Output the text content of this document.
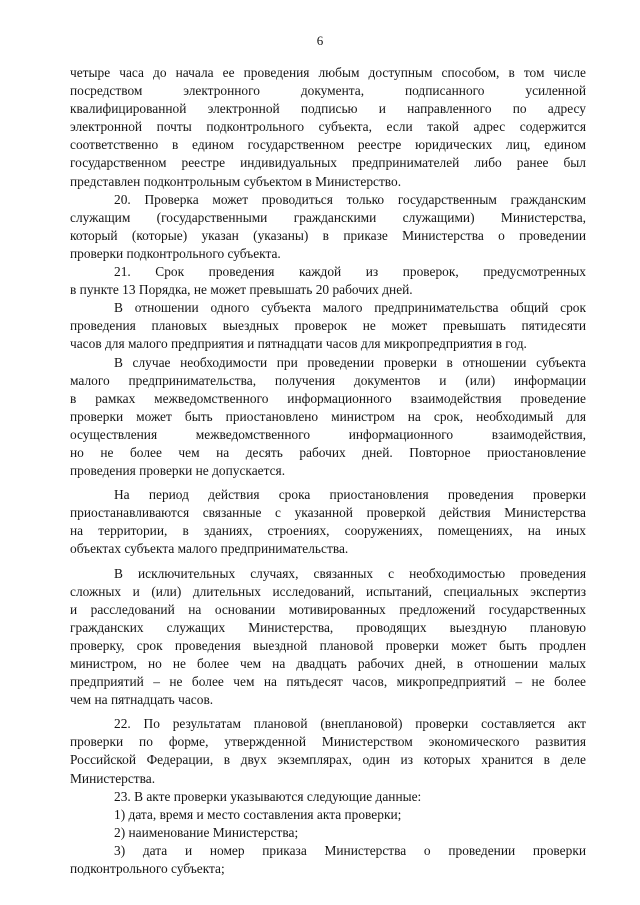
6
четыре часа до начала ее проведения любым доступным способом, в том числе
посредством электронного документа, подписанного усиленной
квалифицированной электронной подписью и направленного по адресу
электронной почты подконтрольного субъекта, если такой адрес содержится
соответственно в едином государственном реестре юридических лиц, едином
государственном реестре индивидуальных предпринимателей либо ранее был
представлен подконтрольным субъектом в Министерство.
20. Проверка может проводиться только государственным гражданским
служащим (государственными гражданскими служащими) Министерства,
который (которые) указан (указаны) в приказе Министерства о проведении
проверки подконтрольного субъекта.
21. Срок проведения каждой из проверок, предусмотренных
в пункте 13 Порядка, не может превышать 20 рабочих дней.
В отношении одного субъекта малого предпринимательства общий срок
проведения плановых выездных проверок не может превышать пятидесяти
часов для малого предприятия и пятнадцати часов для микропредприятия в год.
В случае необходимости при проведении проверки в отношении субъекта
малого предпринимательства, получения документов и (или) информации
в рамках межведомственного информационного взаимодействия проведение
проверки может быть приостановлено министром на срок, необходимый для
осуществления межведомственного информационного взаимодействия,
но не более чем на десять рабочих дней. Повторное приостановление
проведения проверки не допускается.
На период действия срока приостановления проведения проверки
приостанавливаются связанные с указанной проверкой действия Министерства
на территории, в зданиях, строениях, сооружениях, помещениях, на иных
объектах субъекта малого предпринимательства.
В исключительных случаях, связанных с необходимостью проведения
сложных и (или) длительных исследований, испытаний, специальных экспертиз
и расследований на основании мотивированных предложений государственных
гражданских служащих Министерства, проводящих выездную плановую
проверку, срок проведения выездной плановой проверки может быть продлен
министром, но не более чем на двадцать рабочих дней, в отношении малых
предприятий – не более чем на пятьдесят часов, микропредприятий – не более
чем на пятнадцать часов.
22. По результатам плановой (внеплановой) проверки составляется акт
проверки по форме, утвержденной Министерством экономического развития
Российской Федерации, в двух экземплярах, один из которых хранится в деле
Министерства.
23. В акте проверки указываются следующие данные:
1) дата, время и место составления акта проверки;
2) наименование Министерства;
3) дата и номер приказа Министерства о проведении проверки
подконтрольного субъекта;
